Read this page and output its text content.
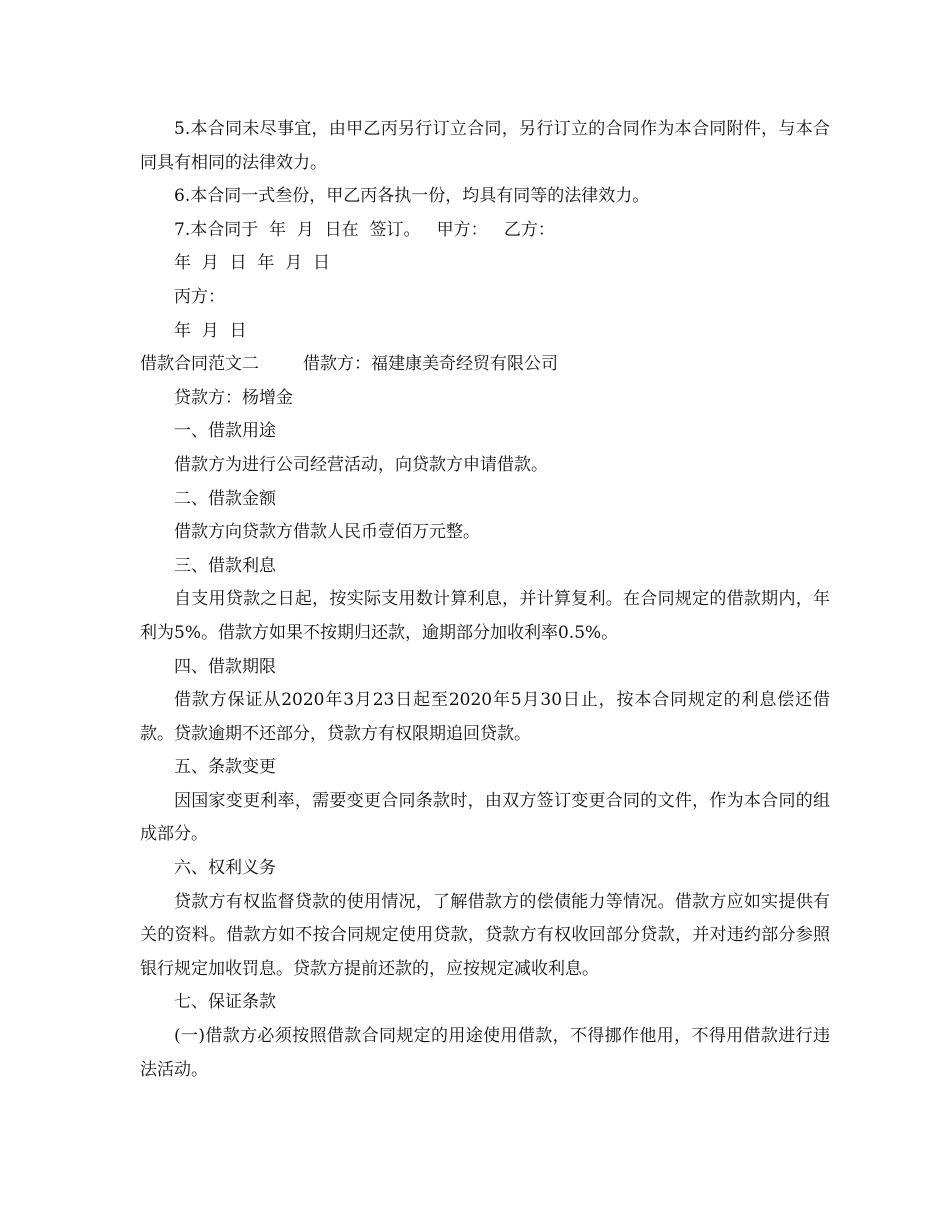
5.本合同未尽事宜，由甲乙丙另行订立合同，另行订立的合同作为本合同附件，与本合同具有相同的法律效力。

6.本合同一式叁份，甲乙丙各执一份，均具有同等的法律效力。

7.本合同于  年  月  日在  签订。   甲方：   乙方：

年  月  日  年  月  日

丙方：

年  月  日

借款合同范文二	借款方：福建康美奇经贸有限公司

贷款方：杨增金

一、借款用途

借款方为进行公司经营活动，向贷款方申请借款。

二、借款金额

借款方向贷款方借款人民币壹佰万元整。

三、借款利息

自支用贷款之日起，按实际支用数计算利息，并计算复利。在合同规定的借款期内，年利为5%。借款方如果不按期归还款，逾期部分加收利率0.5%。

四、借款期限

借款方保证从2020年3月23日起至2020年5月30日止，按本合同规定的利息偿还借款。贷款逾期不还部分，贷款方有权限期追回贷款。

五、条款变更

因国家变更利率，需要变更合同条款时，由双方签订变更合同的文件，作为本合同的组成部分。

六、权利义务

贷款方有权监督贷款的使用情况，了解借款方的偿债能力等情况。借款方应如实提供有关的资料。借款方如不按合同规定使用贷款，贷款方有权收回部分贷款，并对违约部分参照银行规定加收罚息。贷款方提前还款的，应按规定减收利息。

七、保证条款

(一)借款方必须按照借款合同规定的用途使用借款，不得挪作他用，不得用借款进行违法活动。
